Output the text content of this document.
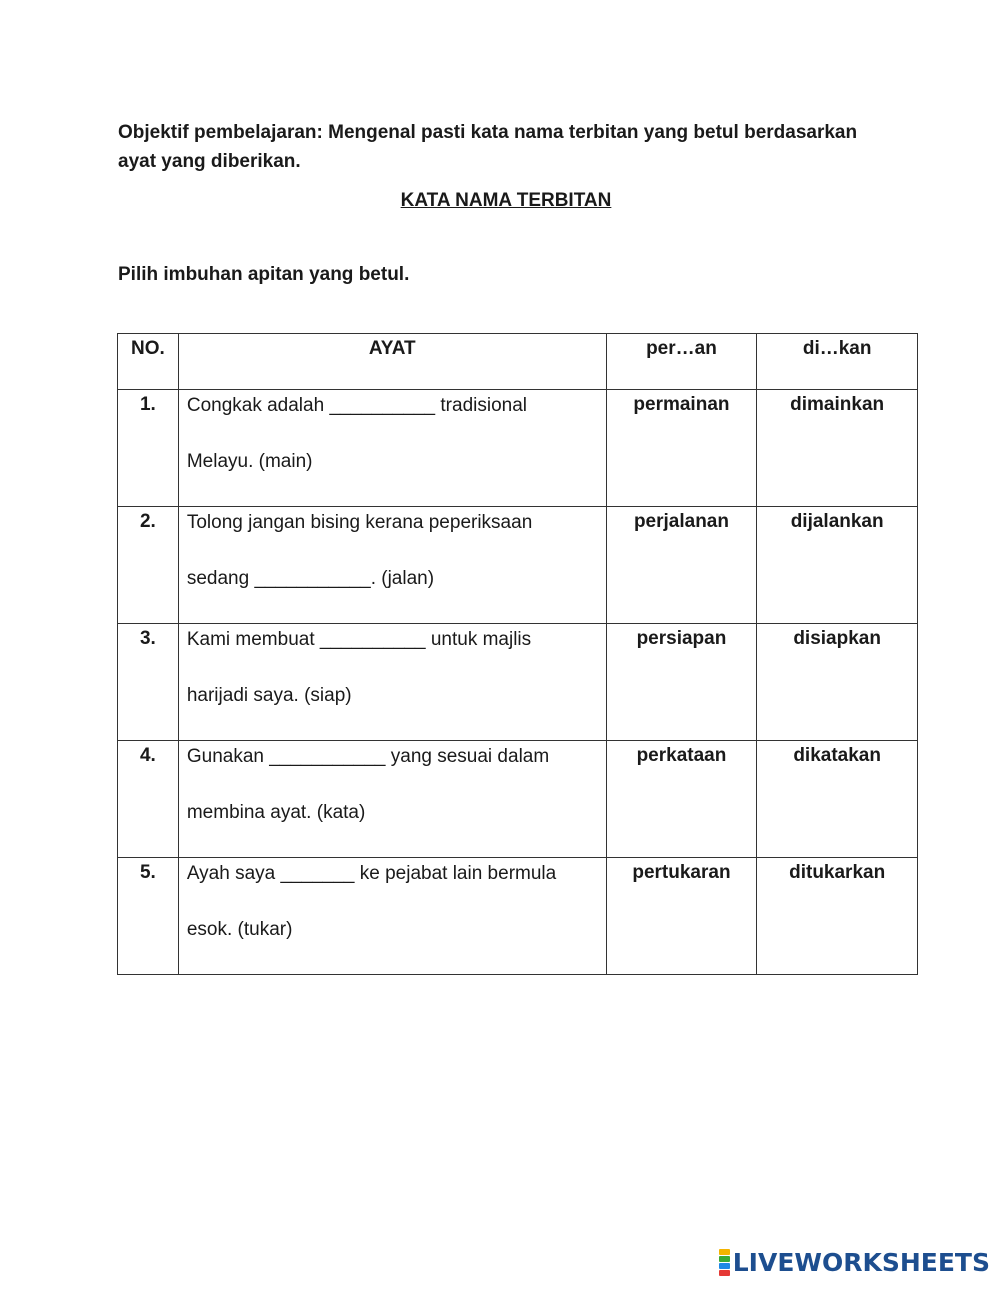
Objektif pembelajaran: Mengenal pasti kata nama terbitan yang betul berdasarkan
ayat yang diberikan.
KATA NAMA TERBITAN
Pilih imbuhan apitan yang betul.
NO.	AYAT	per…an	di…kan
1.	Congkak adalah __________ tradisional
Melayu. (main)	permainan	dimainkan
2.	Tolong jangan bising kerana peperiksaan
sedang ___________. (jalan)	perjalanan	dijalankan
3.	Kami membuat __________ untuk majlis
harijadi saya. (siap)	persiapan	disiapkan
4.	Gunakan ___________ yang sesuai dalam
membina ayat. (kata)	perkataan	dikatakan
5.	Ayah saya _______ ke pejabat lain bermula
esok. (tukar)	pertukaran	ditukarkan
LIVEWORKSHEETS
